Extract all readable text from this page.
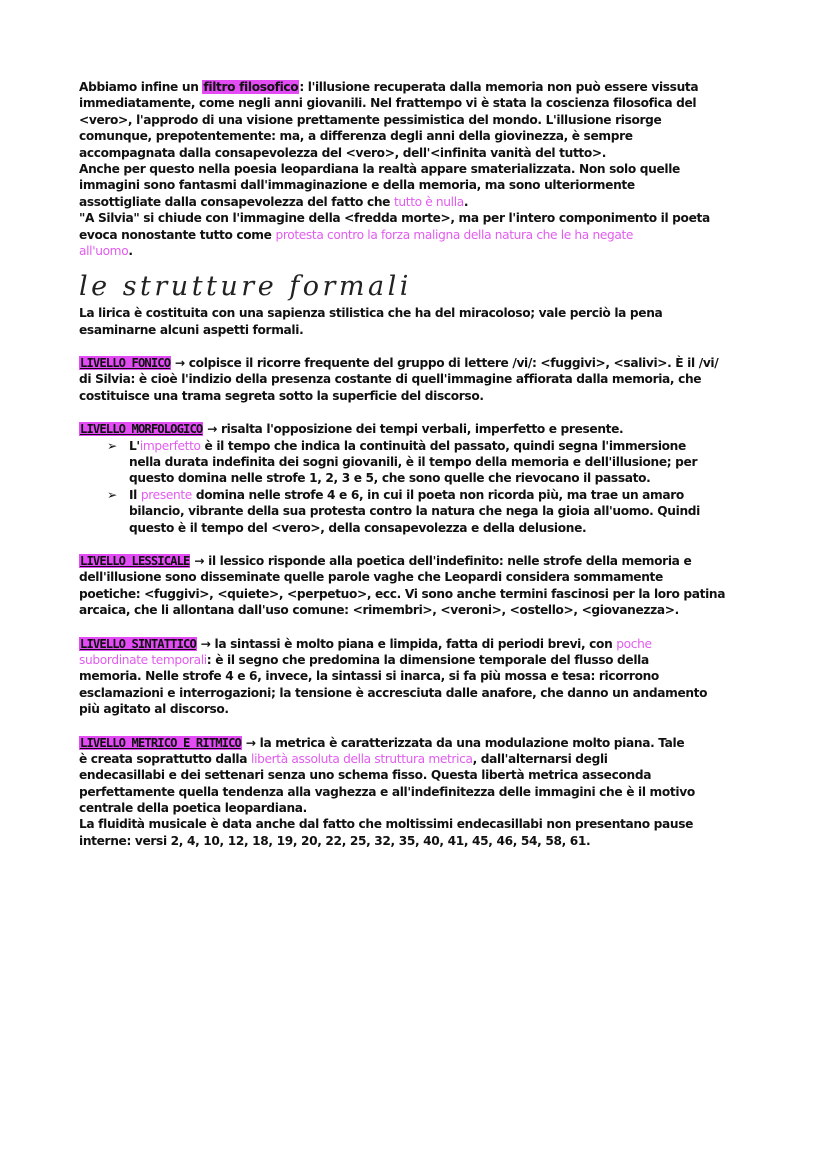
Abbiamo infine un filtro filosofico: l'illusione recuperata dalla memoria non può essere vissuta
immediatamente, come negli anni giovanili. Nel frattempo vi è stata la coscienza filosofica del
<vero>, l'approdo di una visione prettamente pessimistica del mondo. L'illusione risorge
comunque, prepotentemente: ma, a differenza degli anni della giovinezza, è sempre
accompagnata dalla consapevolezza del <vero>, dell'<infinita vanità del tutto>.
Anche per questo nella poesia leopardiana la realtà appare smaterializzata. Non solo quelle
immagini sono fantasmi dall'immaginazione e della memoria, ma sono ulteriormente
assottigliate dalla consapevolezza del fatto che tutto è nulla.
"A Silvia" si chiude con l'immagine della <fredda morte>, ma per l'intero componimento il poeta
evoca nonostante tutto come protesta contro la forza maligna della natura che le ha negate
all'uomo.
le strutture formali
La lirica è costituita con una sapienza stilistica che ha del miracoloso; vale perciò la pena
esaminarne alcuni aspetti formali.
LIVELLO FONICO → colpisce il ricorre frequente del gruppo di lettere /vi/: <fuggivi>, <salivi>. È il /vi/
di Silvia: è cioè l'indizio della presenza costante di quell'immagine affiorata dalla memoria, che
costituisce una trama segreta sotto la superficie del discorso.
LIVELLO MORFOLOGICO → risalta l'opposizione dei tempi verbali, imperfetto e presente.
➢ L'imperfetto è il tempo che indica la continuità del passato, quindi segna l'immersione
nella durata indefinita dei sogni giovanili, è il tempo della memoria e dell'illusione; per
questo domina nelle strofe 1, 2, 3 e 5, che sono quelle che rievocano il passato.
➢ Il presente domina nelle strofe 4 e 6, in cui il poeta non ricorda più, ma trae un amaro
bilancio, vibrante della sua protesta contro la natura che nega la gioia all'uomo. Quindi
questo è il tempo del <vero>, della consapevolezza e della delusione.
LIVELLO LESSICALE → il lessico risponde alla poetica dell'indefinito: nelle strofe della memoria e
dell'illusione sono disseminate quelle parole vaghe che Leopardi considera sommamente
poetiche: <fuggivi>, <quiete>, <perpetuo>, ecc. Vi sono anche termini fascinosi per la loro patina
arcaica, che li allontana dall'uso comune: <rimembri>, <veroni>, <ostello>, <giovanezza>.
LIVELLO SINTATTICO → la sintassi è molto piana e limpida, fatta di periodi brevi, con poche
subordinate temporali: è il segno che predomina la dimensione temporale del flusso della
memoria. Nelle strofe 4 e 6, invece, la sintassi si inarca, si fa più mossa e tesa: ricorrono
esclamazioni e interrogazioni; la tensione è accresciuta dalle anafore, che danno un andamento
più agitato al discorso.
LIVELLO METRICO E RITMICO → la metrica è caratterizzata da una modulazione molto piana. Tale
è creata soprattutto dalla libertà assoluta della struttura metrica, dall'alternarsi degli
endecasillabi e dei settenari senza uno schema fisso. Questa libertà metrica asseconda
perfettamente quella tendenza alla vaghezza e all'indefinitezza delle immagini che è il motivo
centrale della poetica leopardiana.
La fluidità musicale è data anche dal fatto che moltissimi endecasillabi non presentano pause
interne: versi 2, 4, 10, 12, 18, 19, 20, 22, 25, 32, 35, 40, 41, 45, 46, 54, 58, 61.
